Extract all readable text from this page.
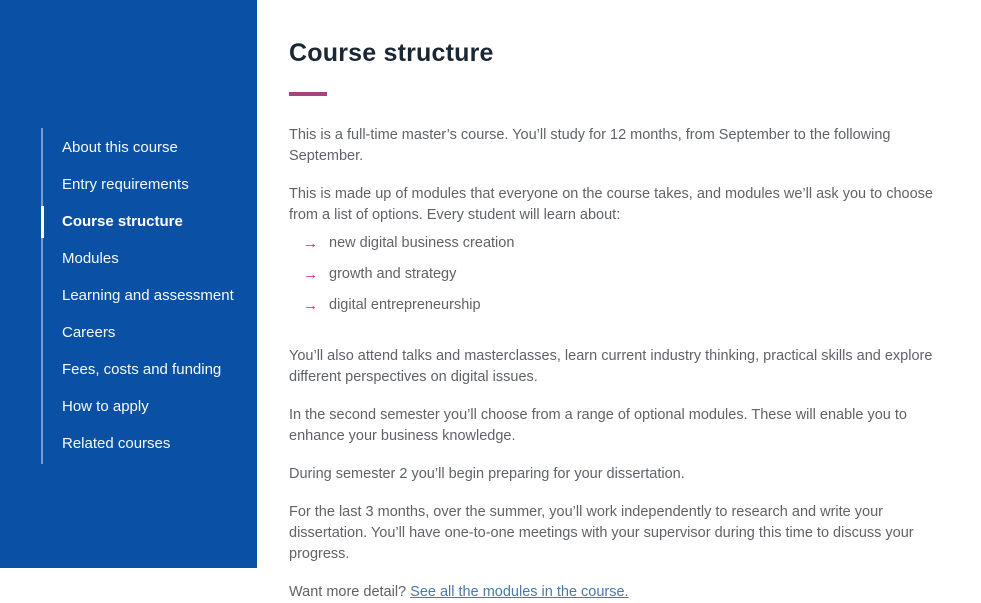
About this course
Entry requirements
Course structure
Modules
Learning and assessment
Careers
Fees, costs and funding
How to apply
Related courses
Course structure

This is a full-time master’s course. You’ll study for 12 months, from September to the following September.

This is made up of modules that everyone on the course takes, and modules we’ll ask you to choose from a list of options. Every student will learn about:

→ new digital business creation
→ growth and strategy
→ digital entrepreneurship

You’ll also attend talks and masterclasses, learn current industry thinking, practical skills and explore different perspectives on digital issues.

In the second semester you’ll choose from a range of optional modules. These will enable you to enhance your business knowledge.

During semester 2 you’ll begin preparing for your dissertation.

For the last 3 months, over the summer, you’ll work independently to research and write your dissertation. You’ll have one-to-one meetings with your supervisor during this time to discuss your progress.

Want more detail? See all the modules in the course.
